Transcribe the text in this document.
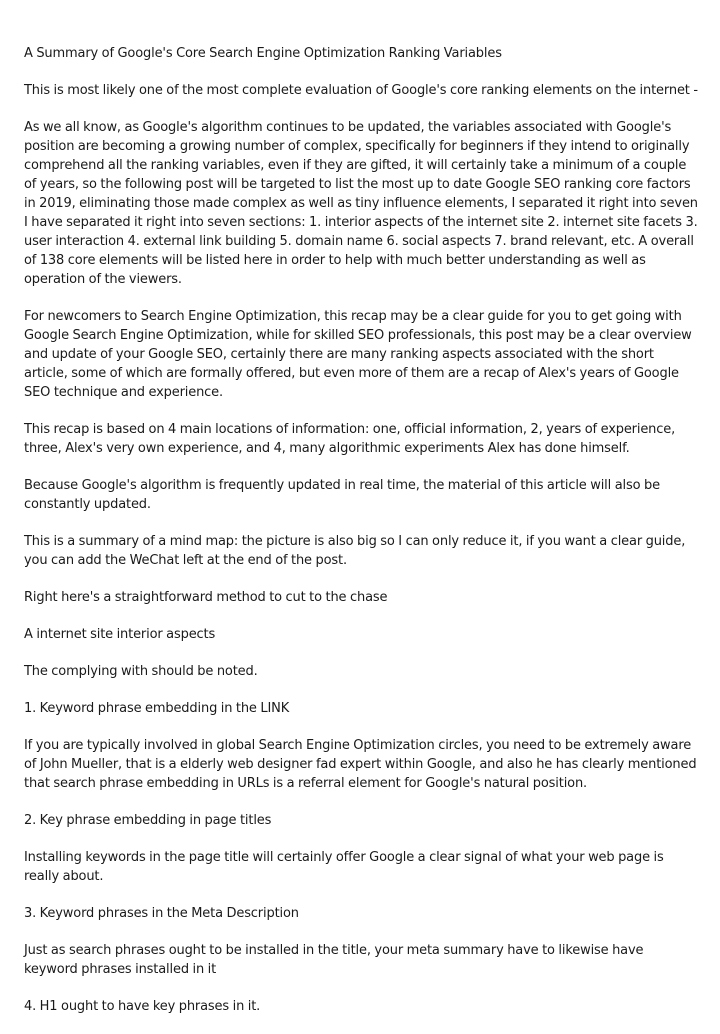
A Summary of Google's Core Search Engine Optimization Ranking Variables

This is most likely one of the most complete evaluation of Google's core ranking elements on the internet -

As we all know, as Google's algorithm continues to be updated, the variables associated with Google's position are becoming a growing number of complex, specifically for beginners if they intend to originally comprehend all the ranking variables, even if they are gifted, it will certainly take a minimum of a couple of years, so the following post will be targeted to list the most up to date Google SEO ranking core factors in 2019, eliminating those made complex as well as tiny influence elements, I separated it right into seven I have separated it right into seven sections: 1. interior aspects of the internet site 2. internet site facets 3. user interaction 4. external link building 5. domain name 6. social aspects 7. brand relevant, etc. A overall of 138 core elements will be listed here in order to help with much better understanding as well as operation of the viewers.

For newcomers to Search Engine Optimization, this recap may be a clear guide for you to get going with Google Search Engine Optimization, while for skilled SEO professionals, this post may be a clear overview and update of your Google SEO, certainly there are many ranking aspects associated with the short article, some of which are formally offered, but even more of them are a recap of Alex's years of Google SEO technique and experience.

This recap is based on 4 main locations of information: one, official information, 2, years of experience, three, Alex's very own experience, and 4, many algorithmic experiments Alex has done himself.

Because Google's algorithm is frequently updated in real time, the material of this article will also be constantly updated.

This is a summary of a mind map: the picture is also big so I can only reduce it, if you want a clear guide, you can add the WeChat left at the end of the post.

Right here's a straightforward method to cut to the chase

A internet site interior aspects

The complying with should be noted.

1. Keyword phrase embedding in the LINK

If you are typically involved in global Search Engine Optimization circles, you need to be extremely aware of John Mueller, that is a elderly web designer fad expert within Google, and also he has clearly mentioned that search phrase embedding in URLs is a referral element for Google's natural position.

2. Key phrase embedding in page titles

Installing keywords in the page title will certainly offer Google a clear signal of what your web page is really about.

3. Keyword phrases in the Meta Description

Just as search phrases ought to be installed in the title, your meta summary have to likewise have keyword phrases installed in it

4. H1 ought to have key phrases in it.
